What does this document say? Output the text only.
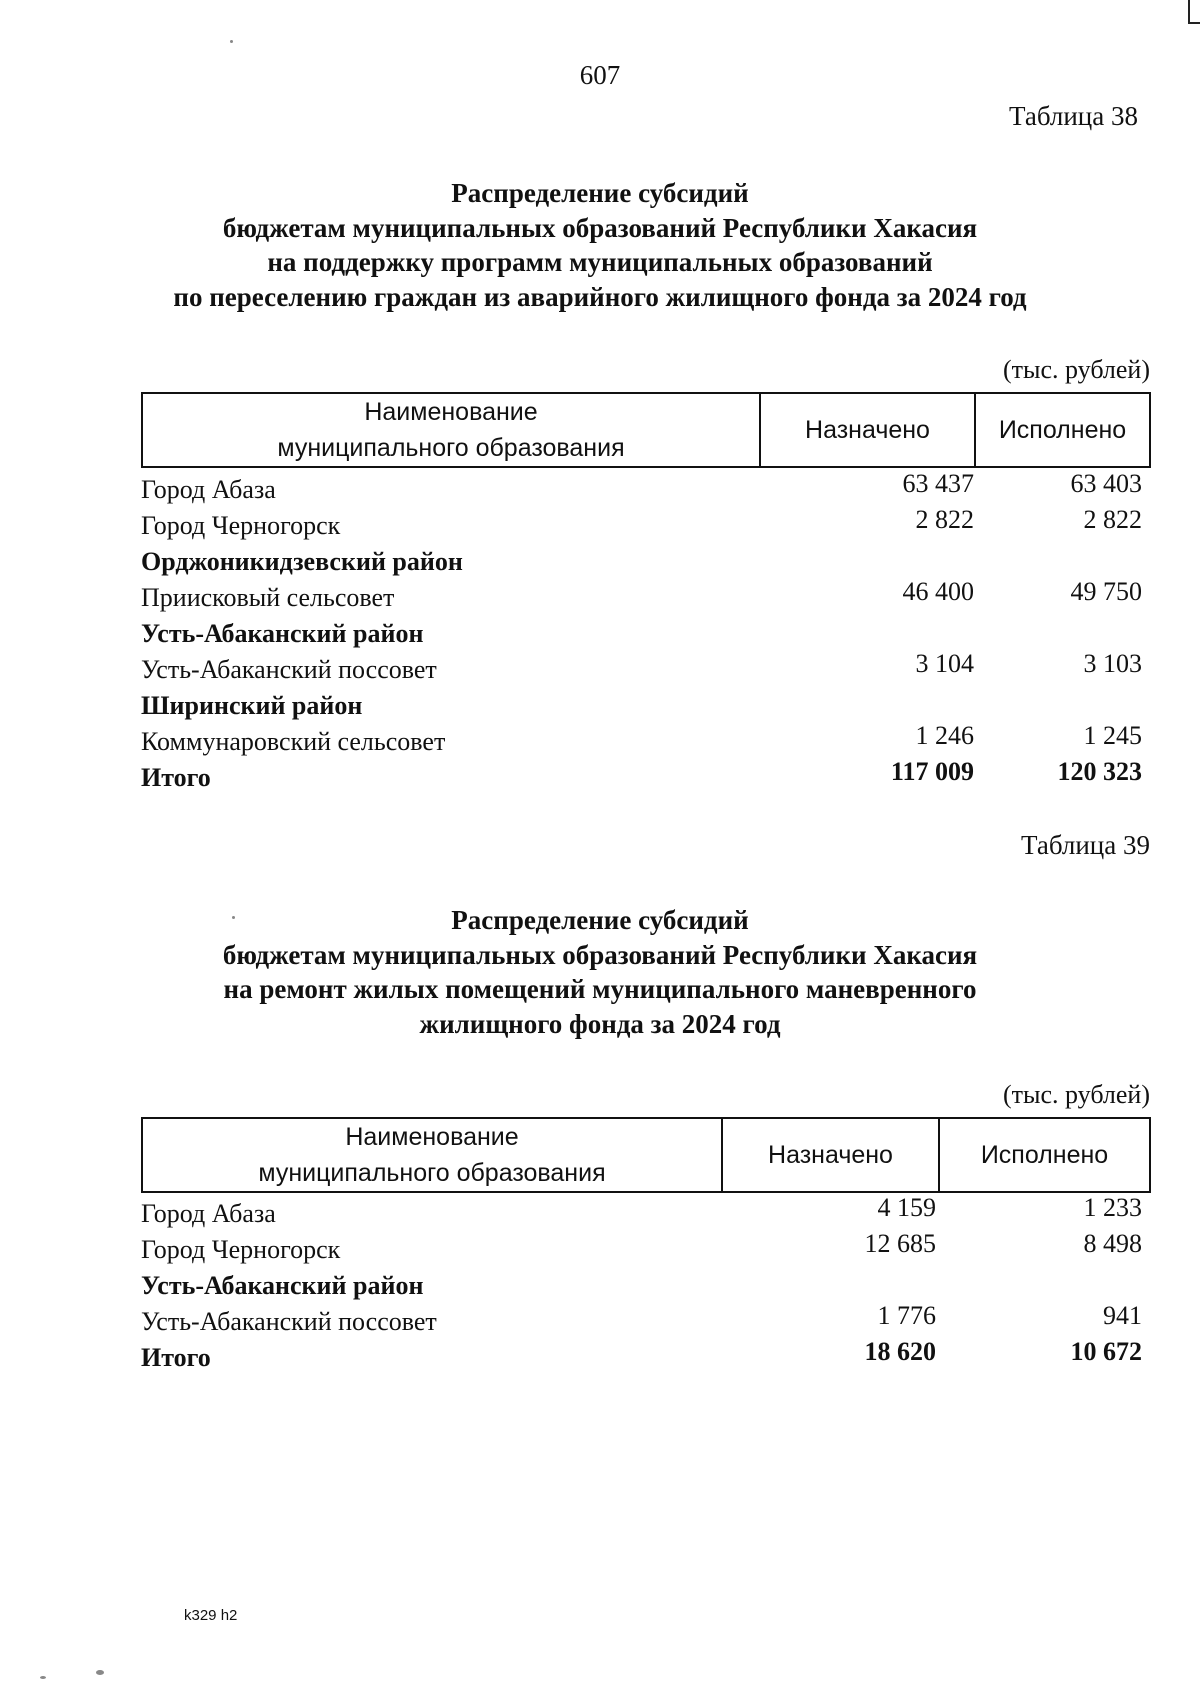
607
Таблица 38
Распределение субсидий
бюджетам муниципальных образований Республики Хакасия
на поддержку программ муниципальных образований
по переселению граждан из аварийного жилищного фонда за 2024 год
(тыс. рублей)
Наименование
муниципального образования
Назначено	Исполнено
Город Абаза	63 437	63 403
Город Черногорск	2 822	2 822
Орджоникидзевский район
Приисковый сельсовет	46 400	49 750
Усть-Абаканский район
Усть-Абаканский поссовет	3 104	3 103
Ширинский район
Коммунаровский сельсовет	1 246	1 245
Итого	117 009	120 323
Таблица 39
Распределение субсидий
бюджетам муниципальных образований Республики Хакасия
на ремонт жилых помещений муниципального маневренного
жилищного фонда за 2024 год
(тыс. рублей)
Наименование
муниципального образования
Назначено	Исполнено
Город Абаза	4 159	1 233
Город Черногорск	12 685	8 498
Усть-Абаканский район
Усть-Абаканский поссовет	1 776	941
Итого	18 620	10 672
k329 h2
